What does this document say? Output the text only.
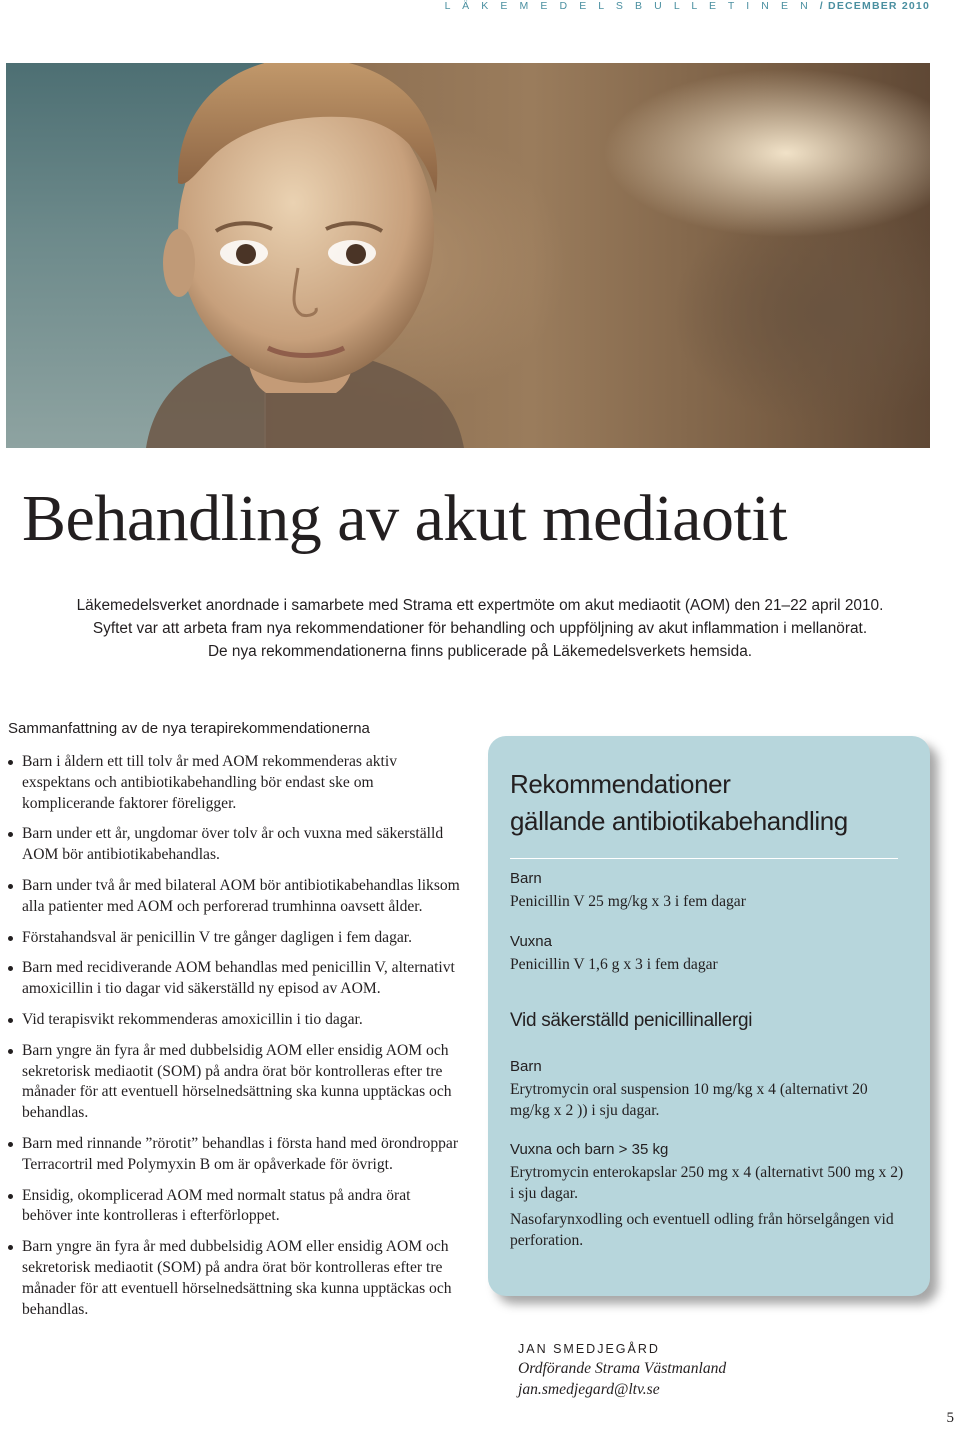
L Ä K E M E D E L S B U L L E T I N E N / DECEMBER 2010
Behandling av akut mediaotit
Läkemedelsverket anordnade i samarbete med Strama ett expertmöte om akut mediaotit (AOM) den 21–22 april 2010.
Syftet var att arbeta fram nya rekommendationer för behandling och uppföljning av akut inflammation i mellanörat.
De nya rekommendationerna finns publicerade på Läkemedelsverkets hemsida.
Sammanfattning av de nya terapirekommendationerna
Barn i åldern ett till tolv år med AOM rekommenderas aktiv exspektans och antibiotikabehandling bör endast ske om komplicerande faktorer föreligger.
Barn under ett år, ungdomar över tolv år och vuxna med säkerställd AOM bör antibiotikabehandlas.
Barn under två år med bilateral AOM bör antibiotikabehandlas liksom alla patienter med AOM och perforerad trumhinna oavsett ålder.
Förstahandsval är penicillin V tre gånger dagligen i fem dagar.
Barn med recidiverande AOM behandlas med penicillin V, alternativt amoxicillin i tio dagar vid säkerställd ny episod av AOM.
Vid terapisvikt rekommenderas amoxicillin i tio dagar.
Barn yngre än fyra år med dubbelsidig AOM eller ensidig AOM och sekretorisk mediaotit (SOM) på andra örat bör kontrolleras efter tre månader för att eventuell hörselnedsättning ska kunna upptäckas och behandlas.
Barn med rinnande ”rörotit” behandlas i första hand med örondroppar Terracortril med Polymyxin B om är opåverkade för övrigt.
Ensidig, okomplicerad AOM med normalt status på andra örat behöver inte kontrolleras i efterförloppet.
Barn yngre än fyra år med dubbelsidig AOM eller ensidig AOM och sekretorisk mediaotit (SOM) på andra örat bör kontrolleras efter tre månader för att eventuell hörselnedsättning ska kunna upptäckas och behandlas.
Rekommendationer
gällande antibiotikabehandling
Barn

Penicillin V 25 mg/kg x 3 i fem dagar

Vuxna

Penicillin V 1,6 g x 3 i fem dagar

Vid säkerställd penicillinallergi
Barn

Erytromycin oral suspension 10 mg/kg x 4 (alternativt 20 mg/kg x 2 )) i sju dagar.

Vuxna och barn > 35 kg

Erytromycin enterokapslar 250 mg x 4 (alternativt 500 mg x 2) i sju dagar.

Nasofarynxodling och eventuell odling från hörselgången vid perforation.

JAN SMEDJEGÅRD
Ordförande Strama Västmanland
jan.smedjegard@ltv.se
5
